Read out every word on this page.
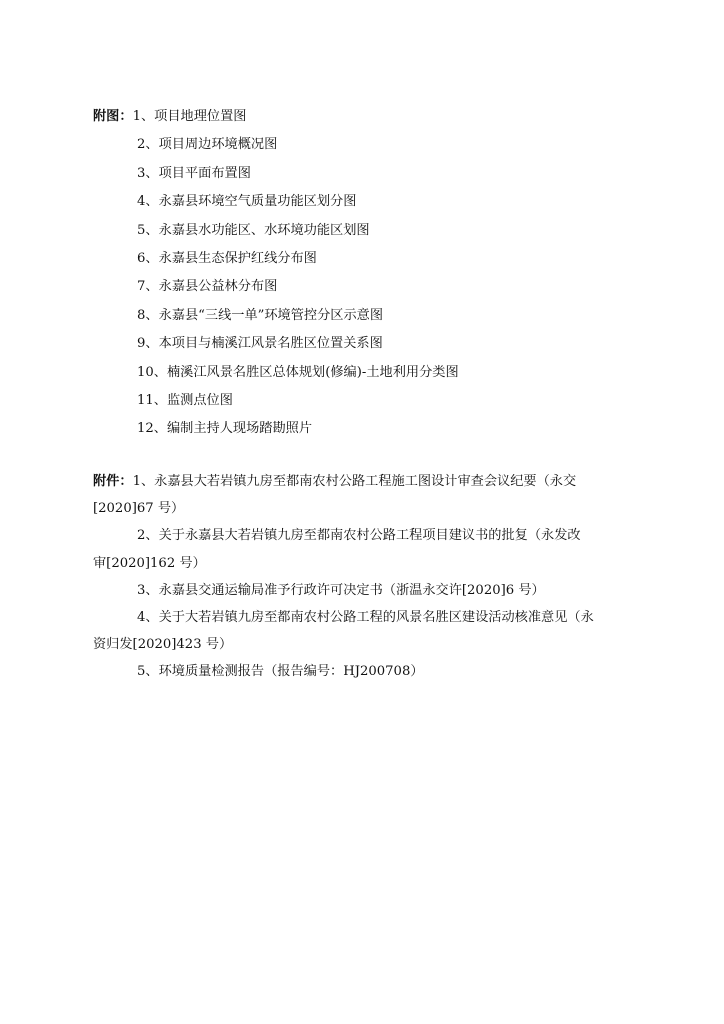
附图：1、项目地理位置图
2、项目周边环境概况图
3、项目平面布置图
4、永嘉县环境空气质量功能区划分图
5、永嘉县水功能区、水环境功能区划图
6、永嘉县生态保护红线分布图
7、永嘉县公益林分布图
8、永嘉县“三线一单”环境管控分区示意图
9、本项目与楠溪江风景名胜区位置关系图
10、楠溪江风景名胜区总体规划(修编)-土地利用分类图
11、监测点位图
12、编制主持人现场踏勘照片
附件：1、永嘉县大若岩镇九房至都南农村公路工程施工图设计审查会议纪要（永交
[2020]67 号）
2、关于永嘉县大若岩镇九房至都南农村公路工程项目建议书的批复（永发改
审[2020]162 号）
3、永嘉县交通运输局准予行政许可决定书（浙温永交许[2020]6 号）
4、关于大若岩镇九房至都南农村公路工程的风景名胜区建设活动核准意见（永
资归发[2020]423 号）
5、环境质量检测报告（报告编号：HJ200708）
